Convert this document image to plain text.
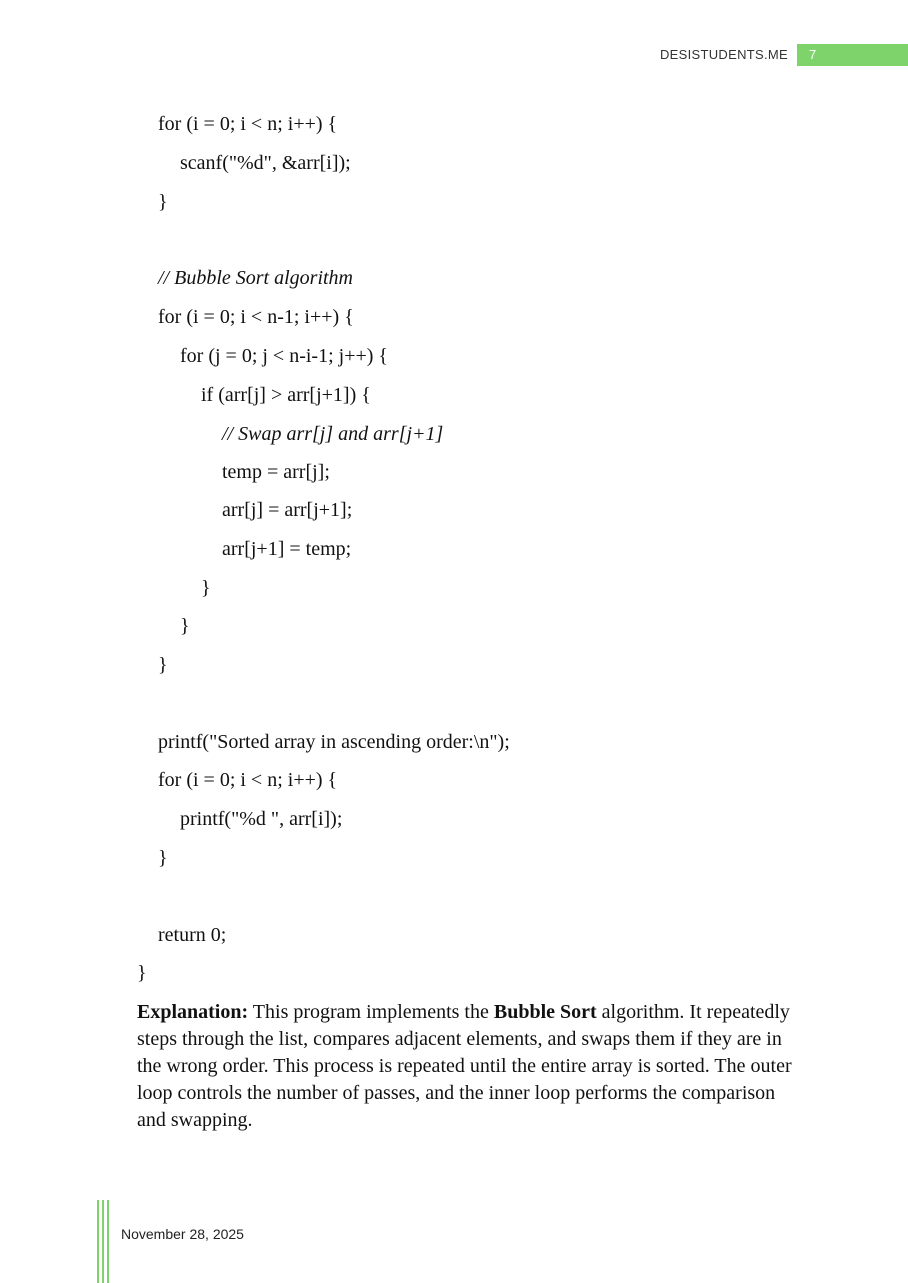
DESISTUDENTS.ME	7
for (i = 0; i < n; i++) {
scanf("%d", &arr[i]);
}
// Bubble Sort algorithm
for (i = 0; i < n-1; i++) {
for (j = 0; j < n-i-1; j++) {
if (arr[j] > arr[j+1]) {
// Swap arr[j] and arr[j+1]
temp = arr[j];
arr[j] = arr[j+1];
arr[j+1] = temp;
}
}
}
printf("Sorted array in ascending order:\n");
for (i = 0; i < n; i++) {
printf("%d ", arr[i]);
}
return 0;
}

Explanation: This program implements the Bubble Sort algorithm. It repeatedly steps through the list, compares adjacent elements, and swaps them if they are in the wrong order. This process is repeated until the entire array is sorted. The outer loop controls the number of passes, and the inner loop performs the comparison and swapping.

November 28, 2025
